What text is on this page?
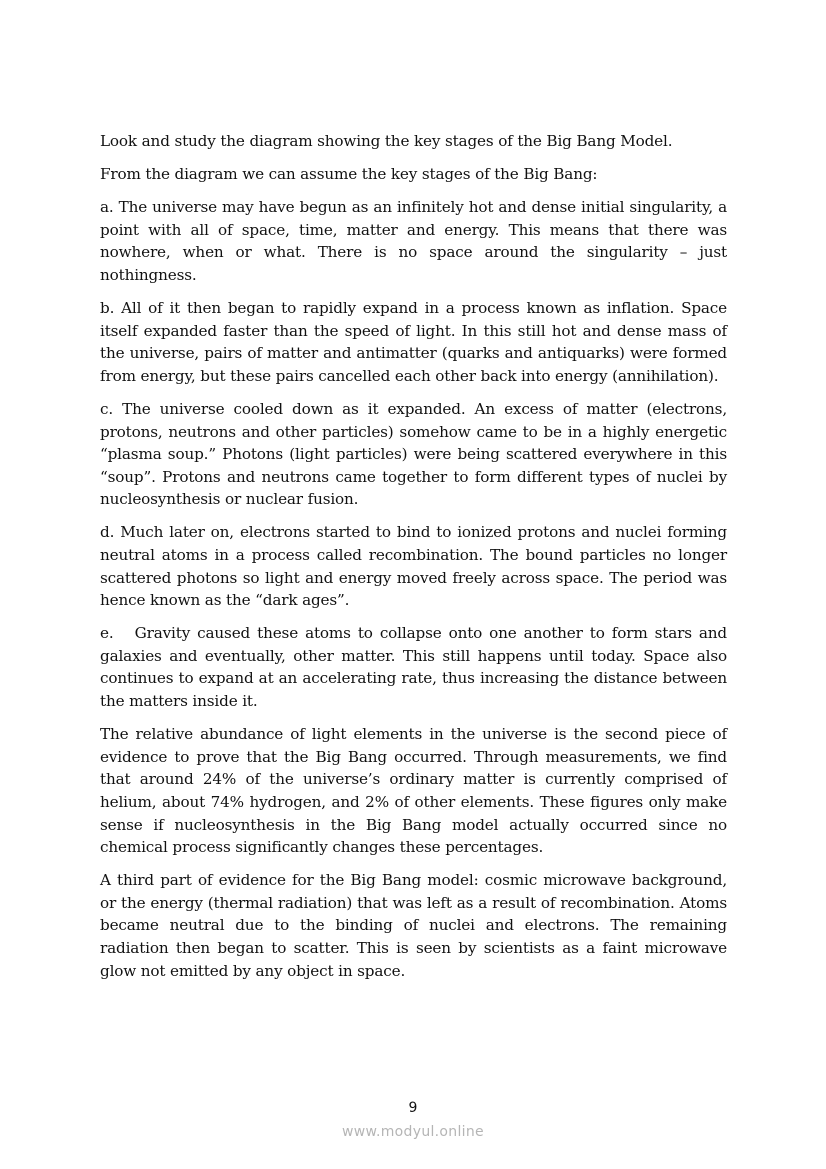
Look and study the diagram showing the key stages of the Big Bang Model.

From the diagram we can assume the key stages of the Big Bang:

a. The universe may have begun as an infinitely hot and dense initial singularity, a point with all of space, time, matter and energy. This means that there was nowhere, when or what. There is no space around the singularity – just nothingness.

b. All of it then began to rapidly expand in a process known as inflation. Space itself expanded faster than the speed of light. In this still hot and dense mass of the universe, pairs of matter and antimatter (quarks and antiquarks) were formed from energy, but these pairs cancelled each other back into energy (annihilation).

c. The universe cooled down as it expanded. An excess of matter (electrons, protons, neutrons and other particles) somehow came to be in a highly energetic “plasma soup.” Photons (light particles) were being scattered everywhere in this “soup”. Protons and neutrons came together to form different types of nuclei by nucleosynthesis or nuclear fusion.

d. Much later on, electrons started to bind to ionized protons and nuclei forming neutral atoms in a process called recombination. The bound particles no longer scattered photons so light and energy moved freely across space. The period was hence known as the “dark ages”.

e.   Gravity caused these atoms to collapse onto one another to form stars and galaxies and eventually, other matter. This still happens until today. Space also continues to expand at an accelerating rate, thus increasing the distance between the matters inside it.

The relative abundance of light elements in the universe is the second piece of evidence to prove that the Big Bang occurred. Through measurements, we find that around 24% of the universe’s ordinary matter is currently comprised of helium, about 74% hydrogen, and 2% of other elements. These figures only make sense if nucleosynthesis in the Big Bang model actually occurred since no chemical process significantly changes these percentages.

A third part of evidence for the Big Bang model: cosmic microwave background, or the energy (thermal radiation) that was left as a result of recombination. Atoms became neutral due to the binding of nuclei and electrons. The remaining radiation then began to scatter. This is seen by scientists as a faint microwave glow not emitted by any object in space.

9
www.modyul.online
